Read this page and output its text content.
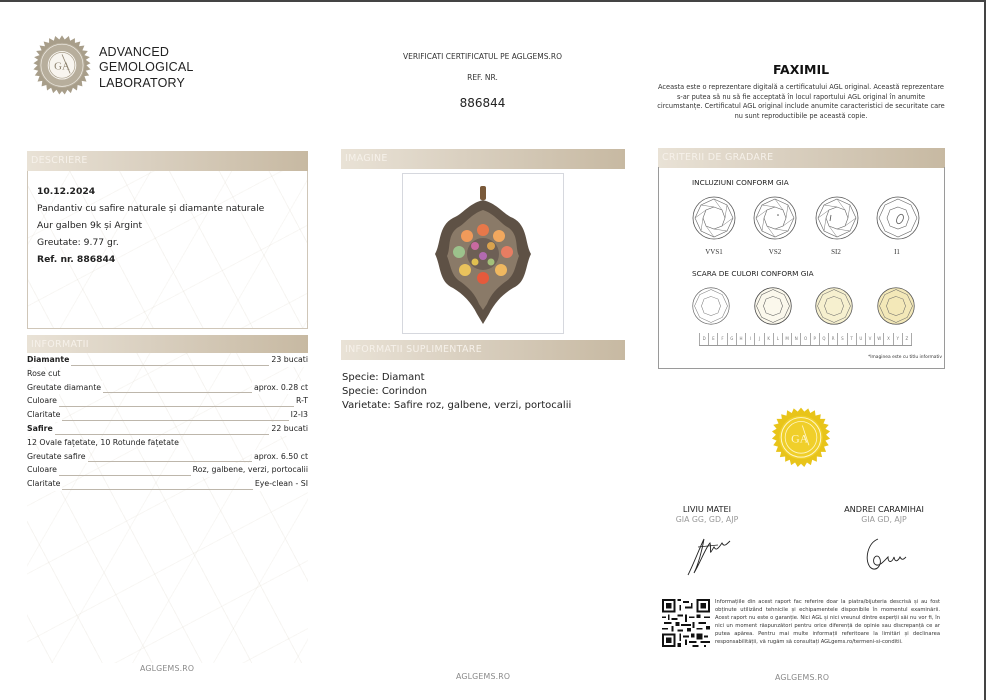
GA
ADVANCED
GEMOLOGICAL
LABORATORY
VERIFICATI CERTIFICATUL PE AGLGEMS.RO
REF. NR.
886844
FAXIMIL
Aceasta este o reprezentare digitală a certificatului AGL original. Această reprezentare s-ar putea să nu să fie acceptată în locul raportului AGL original în anumite circumstanțe. Certificatul AGL original include anumite caracteristici de securitate care nu sunt reproductibile pe această copie.
DESCRIERE
10.12.2024
Pandantiv cu safire naturale și diamante naturale
Aur galben 9k și Argint
Greutate: 9.77 gr.
Ref. nr. 886844
INFORMATII
Diamante	23 bucati
Rose cut
Greutate diamante	aprox. 0.28 ct
Culoare	R-T
Claritate	I2-I3
Safire	22 bucati
12 Ovale fațetate, 10 Rotunde fațetate
Greutate safire	aprox. 6.50 ct
Culoare	Roz, galbene, verzi, portocalii
Claritate	Eye-clean - SI
IMAGINE
INFORMATII SUPLIMENTARE
Specie: Diamant
Specie: Corindon
Varietate: Safire roz, galbene, verzi, portocalii
CRITERII DE GRADARE
INCLUZIUNI CONFORM GIA
VVS1	VS2	SI2	I1
SCARA DE CULORI CONFORM GIA
D	E	F	G	H	I	J	K	L	M	N	O	P	Q	R	S	T	U	V	W	X	Y	Z
*Imaginea este cu titlu informativ
GA
LIVIU MATEI
GIA GG, GD, AJP
ANDREI CARAMIHAI
GIA GD, AJP
Informațiile din acest raport fac referire doar la piatra/bijuteria descrisă și au fost obținute utilizând tehnicile și echipamentele disponibile în momentul examinării. Acest raport nu este o garanție. Nici AGL și nici vreunul dintre experții săi nu vor fi, în nici un moment răspunzători pentru orice diferență de opinie sau discrepanță ce ar putea apărea. Pentru mai multe informații referitoare la limitări și declinarea responsabilității, vă rugăm să consultați AGLgems.ro/termeni-si-conditii.
AGLGEMS.RO
AGLGEMS.RO	AGLGEMS.RO
